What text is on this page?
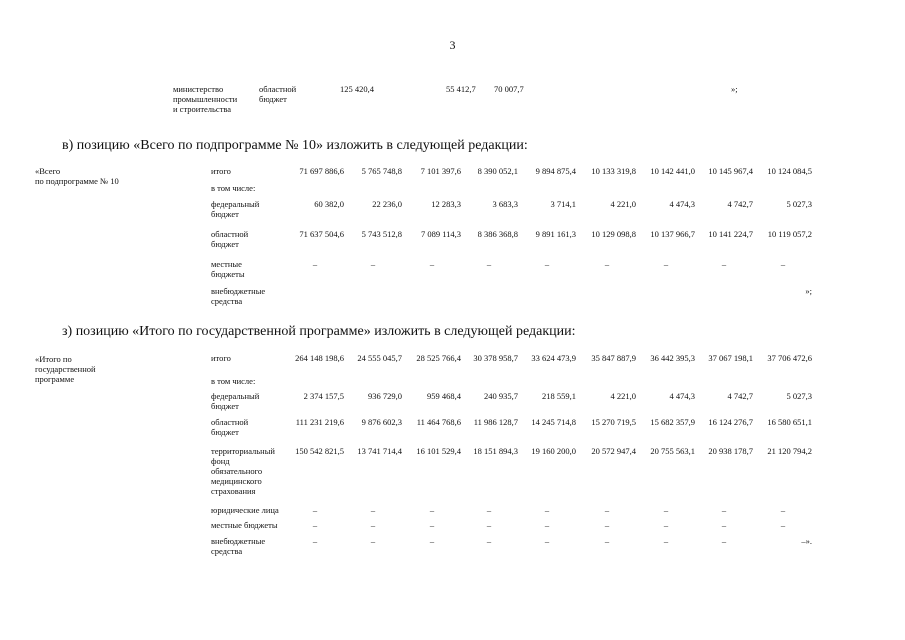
3
министерство
промышленности
и строительства
областной
бюджет
125 420,4	55 412,7 70 007,7	»;
в) позицию «Всего по подпрограмме № 10» изложить в следующей редакции:
«Всего
по подпрограмме № 10
итого	71 697 886,6	5 765 748,8	7 101 397,6	8 390 052,1	9 894 875,4	10 133 319,8	10 142 441,0	10 145 967,4	10 124 084,5
в том числе:
федеральный
бюджет
60 382,0	22 236,0	12 283,3	3 683,3	3 714,1	4 221,0	4 474,3	4 742,7	5 027,3
областной
бюджет
71 637 504,6	5 743 512,8	7 089 114,3	8 386 368,8	9 891 161,3	10 129 098,8	10 137 966,7	10 141 224,7	10 119 057,2
местные
бюджеты
–	–	–	–	–	–	–	–	–
внебюджетные
средства
»;
з) позицию «Итого по государственной программе» изложить в следующей редакции:
«Итого по
государственной
программе
итого	264 148 198,6	24 555 045,7	28 525 766,4	30 378 958,7	33 624 473,9	35 847 887,9	36 442 395,3	37 067 198,1	37 706 472,6
в том числе:
федеральный
бюджет
2 374 157,5	936 729,0	959 468,4	240 935,7	218 559,1	4 221,0	4 474,3	4 742,7	5 027,3
областной
бюджет
111 231 219,6	9 876 602,3	11 464 768,6	11 986 128,7	14 245 714,8	15 270 719,5	15 682 357,9	16 124 276,7	16 580 651,1
территориальный
фонд
обязательного
медицинского
страхования
150 542 821,5	13 741 714,4	16 101 529,4	18 151 894,3	19 160 200,0	20 572 947,4	20 755 563,1	20 938 178,7	21 120 794,2
юридические лица	–	–	–	–	–	–	–	–	–
местные бюджеты	–	–	–	–	–	–	–	–	–
внебюджетные
средства
–	–	–	–	–	–	–	–	–».
